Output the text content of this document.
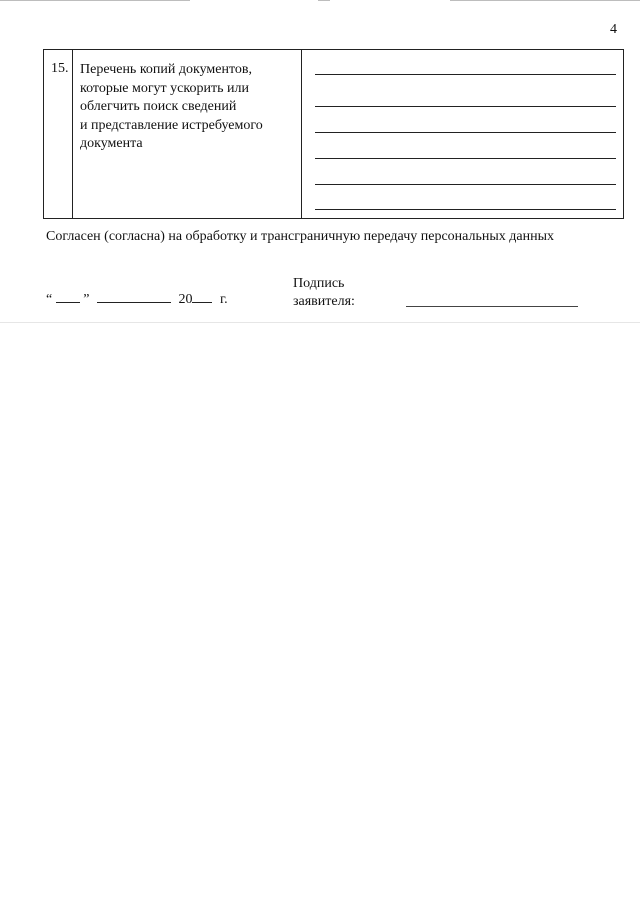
4
15. Перечень копий документов,
которые могут ускорить или
облегчить поиск сведений
и представление истребуемого
документа
Согласен (согласна) на обработку и трансграничную передачу персональных данных
“ ”	20 г.
Подпись
заявителя:
